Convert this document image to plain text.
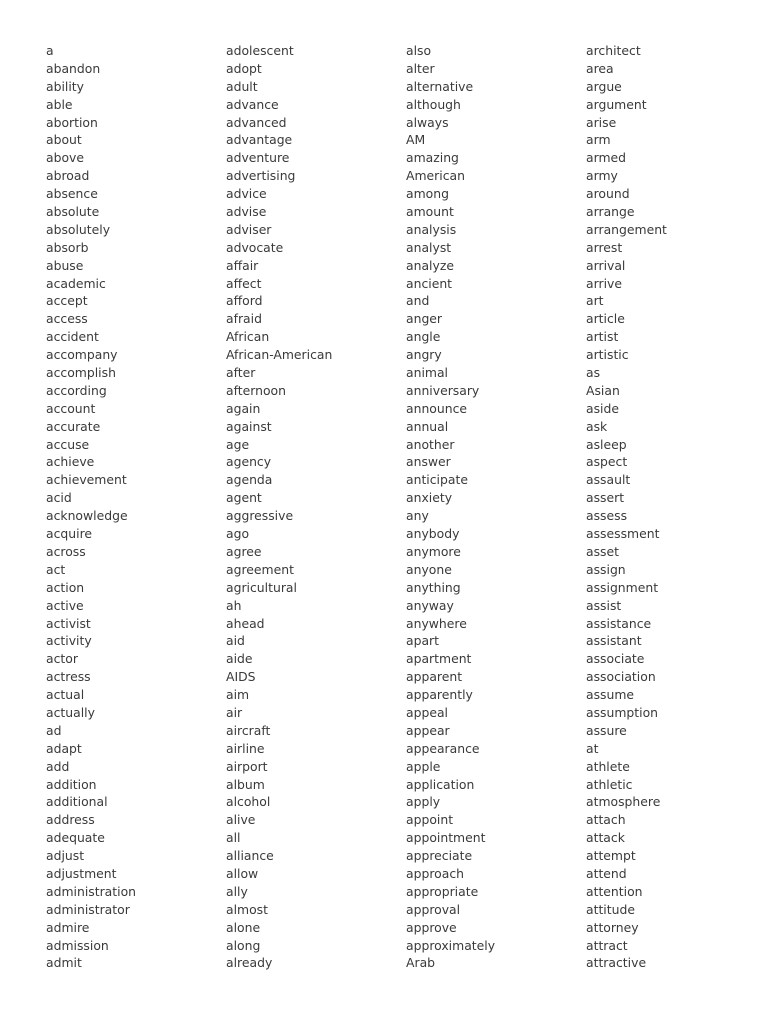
a
abandon
ability
able
abortion
about
above
abroad
absence
absolute
absolutely
absorb
abuse
academic
accept
access
accident
accompany
accomplish
according
account
accurate
accuse
achieve
achievement
acid
acknowledge
acquire
across
act
action
active
activist
activity
actor
actress
actual
actually
ad
adapt
add
addition
additional
address
adequate
adjust
adjustment
administration
administrator
admire
admission
admit
adolescent
adopt
adult
advance
advanced
advantage
adventure
advertising
advice
advise
adviser
advocate
affair
affect
afford
afraid
African
African-American
after
afternoon
again
against
age
agency
agenda
agent
aggressive
ago
agree
agreement
agricultural
ah
ahead
aid
aide
AIDS
aim
air
aircraft
airline
airport
album
alcohol
alive
all
alliance
allow
ally
almost
alone
along
already
also
alter
alternative
although
always
AM
amazing
American
among
amount
analysis
analyst
analyze
ancient
and
anger
angle
angry
animal
anniversary
announce
annual
another
answer
anticipate
anxiety
any
anybody
anymore
anyone
anything
anyway
anywhere
apart
apartment
apparent
apparently
appeal
appear
appearance
apple
application
apply
appoint
appointment
appreciate
approach
appropriate
approval
approve
approximately
Arab
architect
area
argue
argument
arise
arm
armed
army
around
arrange
arrangement
arrest
arrival
arrive
art
article
artist
artistic
as
Asian
aside
ask
asleep
aspect
assault
assert
assess
assessment
asset
assign
assignment
assist
assistance
assistant
associate
association
assume
assumption
assure
at
athlete
athletic
atmosphere
attach
attack
attempt
attend
attention
attitude
attorney
attract
attractive
